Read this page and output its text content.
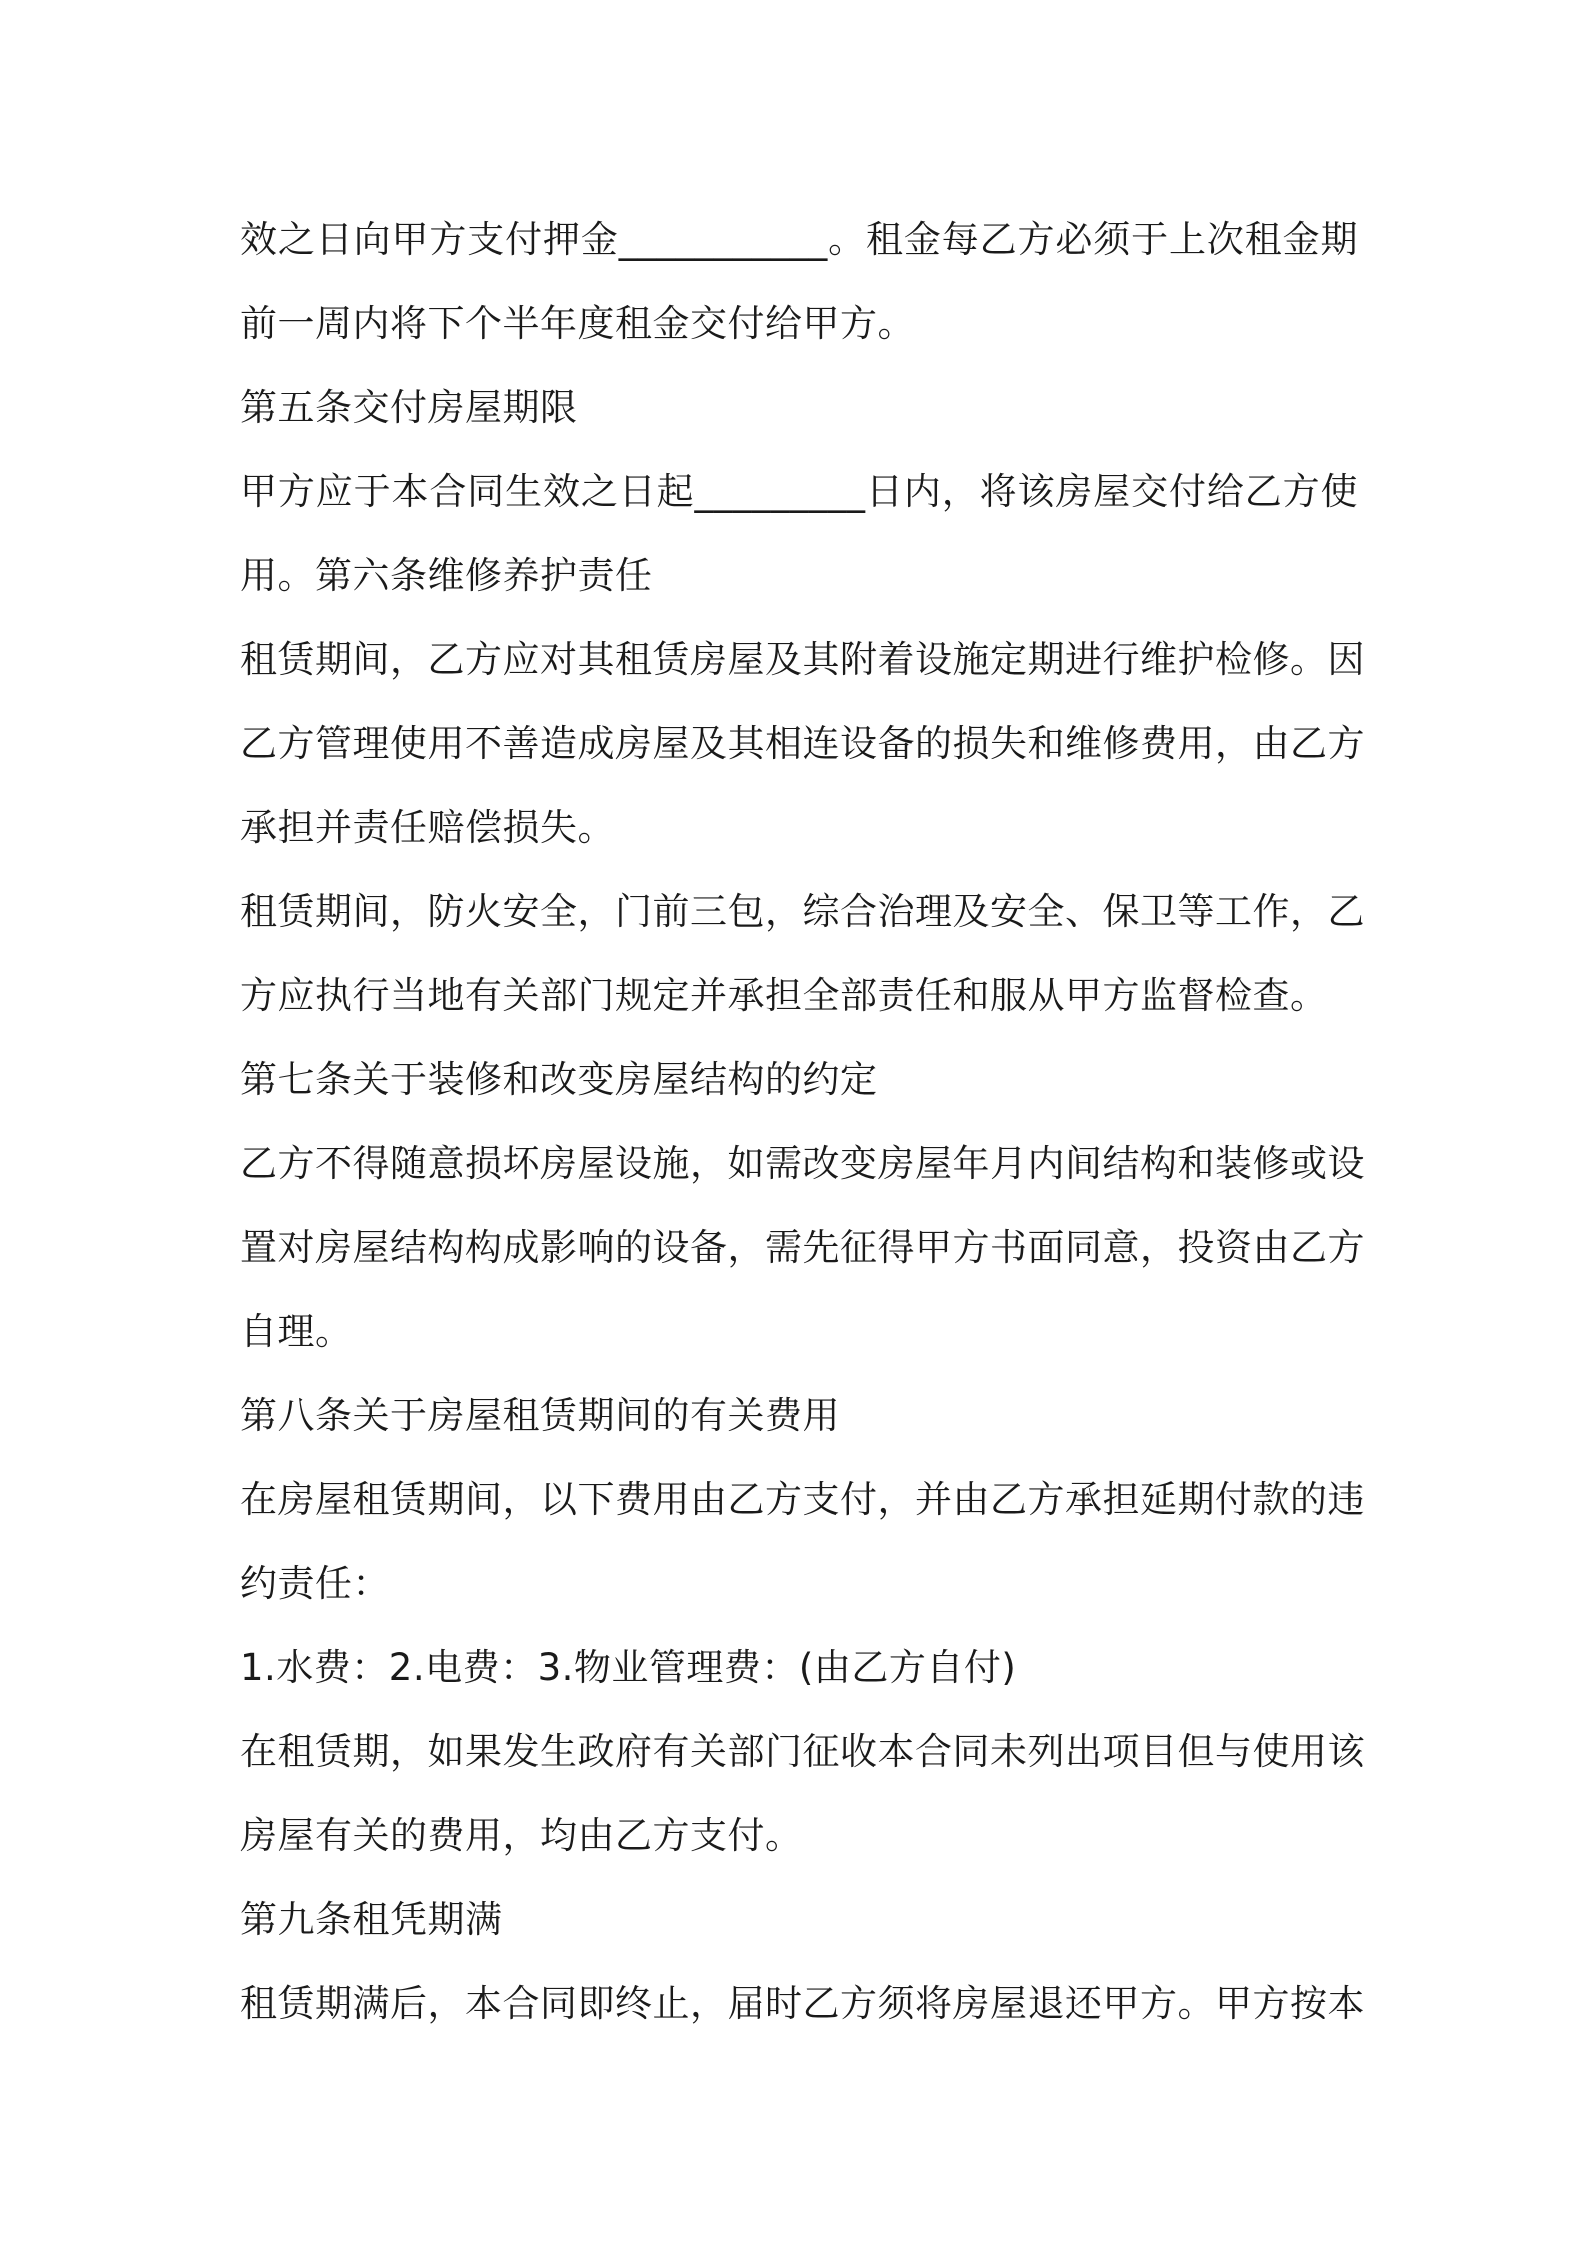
效之日向甲方支付押金___________。租金每乙方必须于上次租金期
前一周内将下个半年度租金交付给甲方。
第五条交付房屋期限
甲方应于本合同生效之日起_________日内，将该房屋交付给乙方使
用。第六条维修养护责任
租赁期间，乙方应对其租赁房屋及其附着设施定期进行维护检修。因
乙方管理使用不善造成房屋及其相连设备的损失和维修费用，由乙方
承担并责任赔偿损失。
租赁期间，防火安全，门前三包，综合治理及安全、保卫等工作，乙
方应执行当地有关部门规定并承担全部责任和服从甲方监督检查。
第七条关于装修和改变房屋结构的约定
乙方不得随意损坏房屋设施，如需改变房屋年月内间结构和装修或设
置对房屋结构构成影响的设备，需先征得甲方书面同意，投资由乙方
自理。
第八条关于房屋租赁期间的有关费用
在房屋租赁期间，以下费用由乙方支付，并由乙方承担延期付款的违
约责任：
1.水费：2.电费：3.物业管理费：(由乙方自付)
在租赁期，如果发生政府有关部门征收本合同未列出项目但与使用该
房屋有关的费用，均由乙方支付。
第九条租凭期满
租赁期满后，本合同即终止，届时乙方须将房屋退还甲方。甲方按本
